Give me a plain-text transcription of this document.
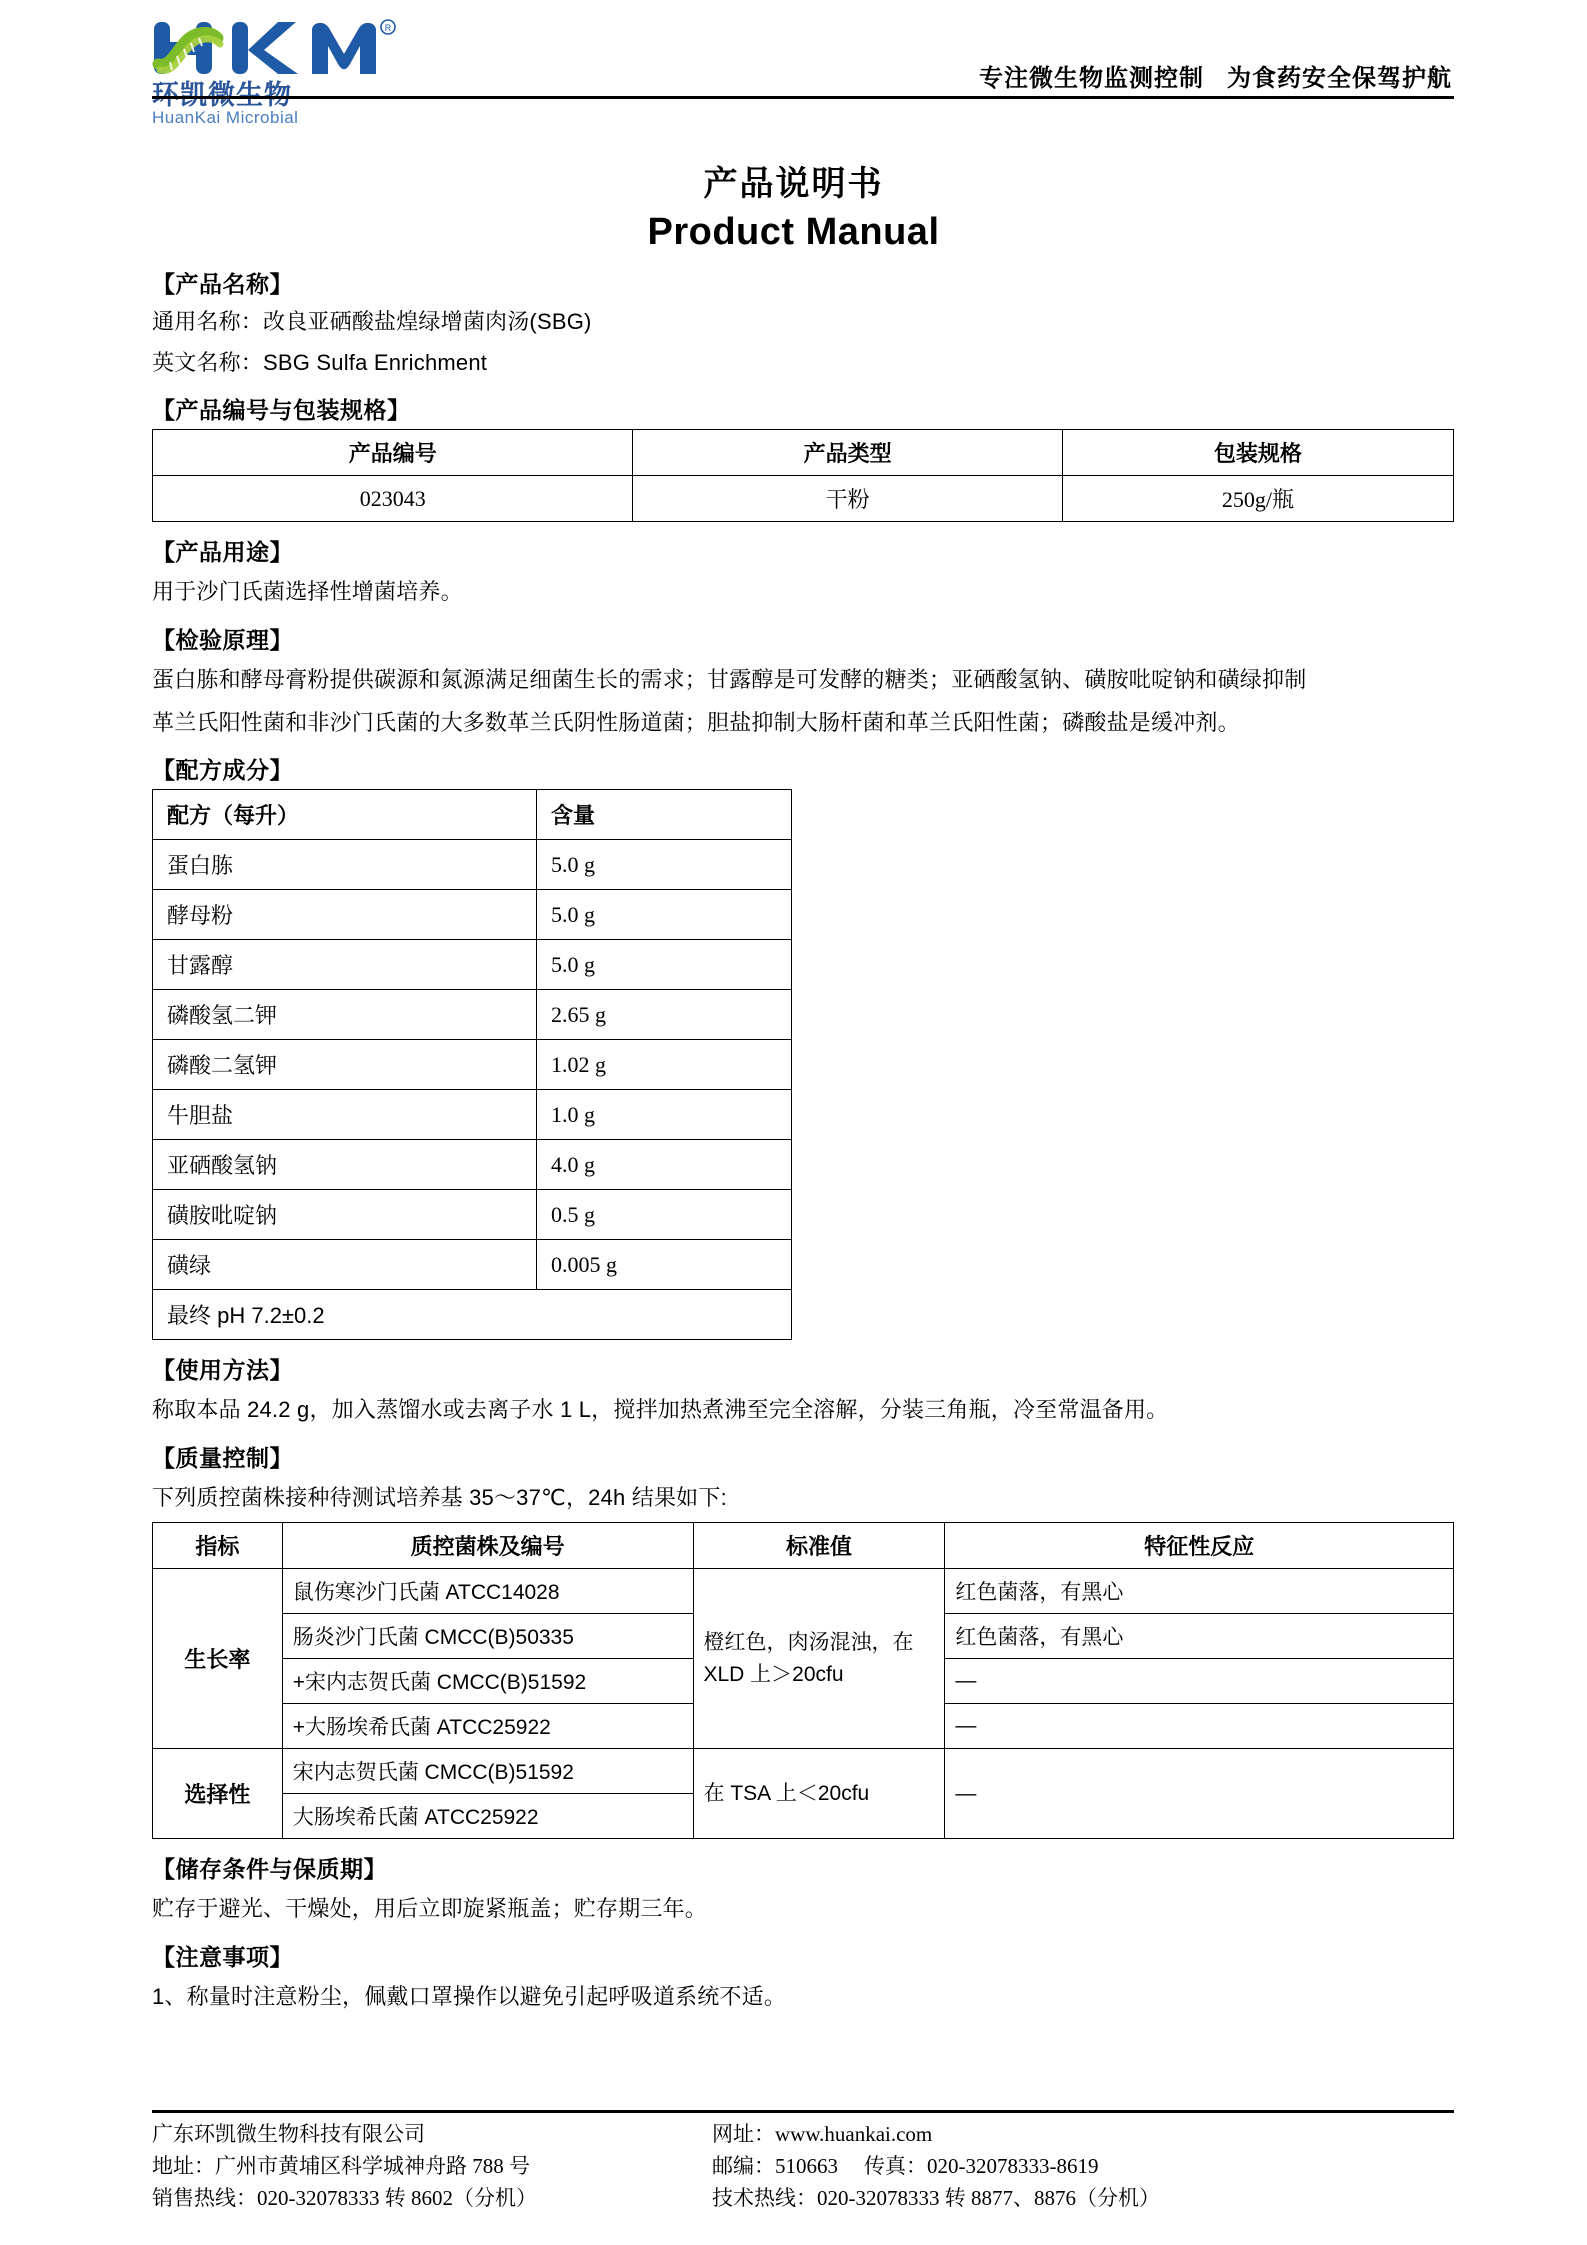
R
环凯微生物
HuanKai Microbial
专注微生物监测控制   为食药安全保驾护航
产品说明书
Product Manual
【产品名称】
通用名称：改良亚硒酸盐煌绿增菌肉汤(SBG)
英文名称：SBG Sulfa Enrichment
【产品编号与包装规格】
产品编号	产品类型	包装规格
023043	干粉	250g/瓶
【产品用途】
用于沙门氏菌选择性增菌培养。
【检验原理】
蛋白胨和酵母膏粉提供碳源和氮源满足细菌生长的需求；甘露醇是可发酵的糖类；亚硒酸氢钠、磺胺吡啶钠和磺绿抑制
革兰氏阳性菌和非沙门氏菌的大多数革兰氏阴性肠道菌；胆盐抑制大肠杆菌和革兰氏阳性菌；磷酸盐是缓冲剂。
【配方成分】
配方（每升）	含量
蛋白胨	5.0 g
酵母粉	5.0 g
甘露醇	5.0 g
磷酸氢二钾	2.65 g
磷酸二氢钾	1.02 g
牛胆盐	1.0 g
亚硒酸氢钠	4.0 g
磺胺吡啶钠	0.5 g
磺绿	0.005 g
最终 pH 7.2±0.2	
【使用方法】
称取本品 24.2 g，加入蒸馏水或去离子水 1 L，搅拌加热煮沸至完全溶解，分装三角瓶，冷至常温备用。
【质量控制】
下列质控菌株接种待测试培养基 35～37℃，24h 结果如下:
指标	质控菌株及编号	标准值	特征性反应
生长率	鼠伤寒沙门氏菌 ATCC14028	橙红色，肉汤混浊，在 XLD 上＞20cfu	红色菌落，有黑心
	肠炎沙门氏菌 CMCC(B)50335		红色菌落，有黑心
	+宋内志贺氏菌 CMCC(B)51592		—
	+大肠埃希氏菌 ATCC25922		—
选择性	宋内志贺氏菌 CMCC(B)51592	在 TSA 上＜20cfu	—
	大肠埃希氏菌 ATCC25922		
【储存条件与保质期】
贮存于避光、干燥处，用后立即旋紧瓶盖；贮存期三年。
【注意事项】
1、称量时注意粉尘，佩戴口罩操作以避免引起呼吸道系统不适。
广东环凯微生物科技有限公司
地址：广州市黄埔区科学城神舟路 788 号
销售热线：020-32078333 转 8602（分机）
网址：www.huankai.com
邮编：510663 传真：020-32078333-8619
技术热线：020-32078333 转 8877、8876（分机）
